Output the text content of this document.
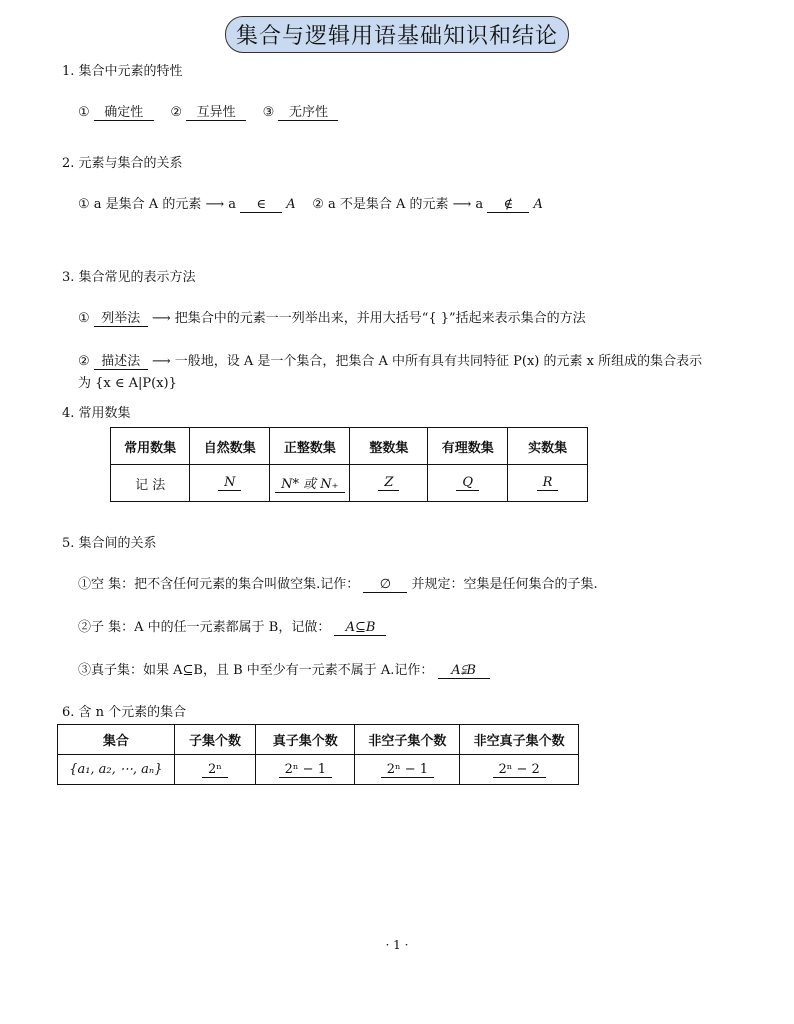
集合与逻辑用语基础知识和结论
1. 集合中元素的特性
① 确定性 ② 互异性 ③ 无序性
2. 元素与集合的关系
① a 是集合 A 的元素 ⟶ a ∈ A ② a 不是集合 A 的元素 ⟶ a ∉ A
3. 集合常见的表示方法
① 列举法 ⟶ 把集合中的元素一一列举出来，并用大括号“{ }”括起来表示集合的方法
② 描述法 ⟶ 一般地，设 A 是一个集合，把集合 A 中所有具有共同特征 P(x) 的元素 x 所组成的集合表示
为 {x ∈ A|P(x)}
4. 常用数集
常用数集	自然数集	正整数集	整数集	有理数集	实数集
记 法	N	N* 或 N₊	Z	Q	R
5. 集合间的关系
①空 集：把不含任何元素的集合叫做空集.记作： ∅ 并规定：空集是任何集合的子集.
②子 集：A 中的任一元素都属于 B，记做： A⊆B
③真子集：如果 A⊆B，且 B 中至少有一元素不属于 A.记作： A⫋B
6. 含 n 个元素的集合
集合	子集个数	真子集个数	非空子集个数	非空真子集个数
{a₁, a₂, ⋯, aₙ}	2ⁿ	2ⁿ − 1	2ⁿ − 1	2ⁿ − 2
· 1 ·
